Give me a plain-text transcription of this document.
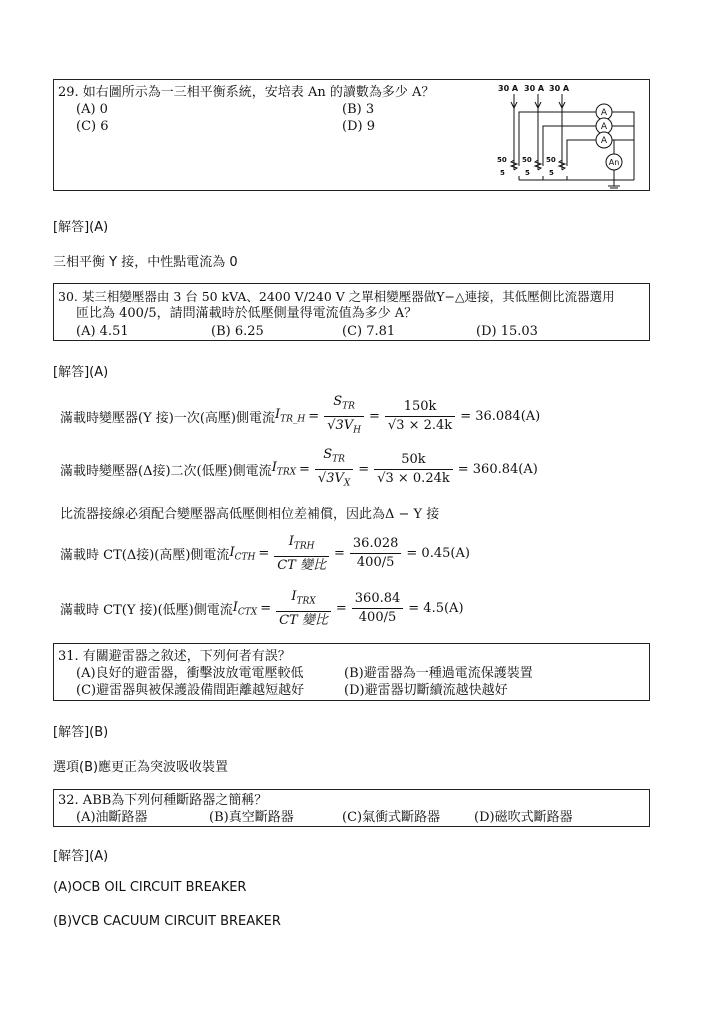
29. 如右圖所示為一三相平衡系統，安培表 An 的讀數為多少 A？
(A) 0	(B) 3
(C) 6	(D) 9
30 A 30 A 30 A
A
A
A
An
50
5
50
5
50
5
[解答](A)
三相平衡 Y 接，中性點電流為 0
30. 某三相變壓器由 3 台 50 kVA、2400 V/240 V 之單相變壓器做Y−△連接，其低壓側比流器選用
匝比為 400/5，請問滿載時於低壓側量得電流值為多少 A？
(A) 4.51	(B) 6.25	(C) 7.81	(D) 15.03
[解答](A)
滿載時變壓器(Y 接)一次(高壓)側電流 $I_{TR\_H} = \frac{S_{TR}}{√3V_H} = \frac{150k}{√3 \times 2.4k} = 36.084(A)$
滿載時變壓器(Δ接)二次(低壓)側電流 $I_{TRX} = \frac{S_{TR}}{√3V_X} = \frac{50k}{√3 \times 0.24k} = 360.84(A)$
比流器接線必須配合變壓器高低壓側相位差補償，因此為Δ − Y 接
滿載時 CT(Δ接)(高壓)側電流 $I_{CTH} = \frac{I_{TRH}}{\text{CT 變比}} = \frac{36.028}{400/5} = 0.45(A)$
滿載時 CT(Y 接)(低壓)側電流 $I_{CTX} = \frac{I_{TRX}}{\text{CT 變比}} = \frac{360.84}{400/5} = 4.5(A)$
31. 有關避雷器之敘述，下列何者有誤？
(A)良好的避雷器，衝擊波放電電壓較低	(B)避雷器為一種過電流保護裝置
(C)避雷器與被保護設備間距離越短越好	(D)避雷器切斷續流越快越好
[解答](B)
選項(B)應更正為突波吸收裝置
32. ABB為下列何種斷路器之簡稱？
(A)油斷路器	(B)真空斷路器	(C)氣衝式斷路器	(D)磁吹式斷路器
[解答](A)
(A)OCB OIL CIRCUIT BREAKER
(B)VCB CACUUM CIRCUIT BREAKER
